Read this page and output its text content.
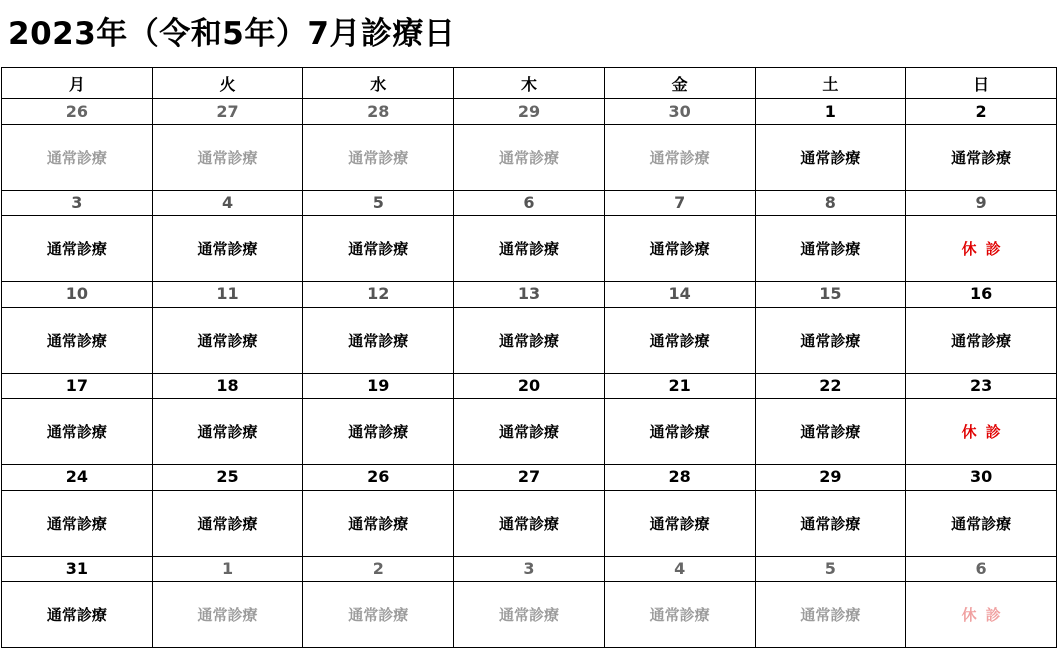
2023年（令和5年）7月診療日
月	火	水	木	金	土	日
26	27	28	29	30	1	2
通常診療	通常診療	通常診療	通常診療	通常診療	通常診療	通常診療
3	4	5	6	7	8	9
通常診療	通常診療	通常診療	通常診療	通常診療	通常診療	休診
10	11	12	13	14	15	16
通常診療	通常診療	通常診療	通常診療	通常診療	通常診療	通常診療
17	18	19	20	21	22	23
通常診療	通常診療	通常診療	通常診療	通常診療	通常診療	休診
24	25	26	27	28	29	30
通常診療	通常診療	通常診療	通常診療	通常診療	通常診療	通常診療
31	1	2	3	4	5	6
通常診療	通常診療	通常診療	通常診療	通常診療	通常診療	休診
